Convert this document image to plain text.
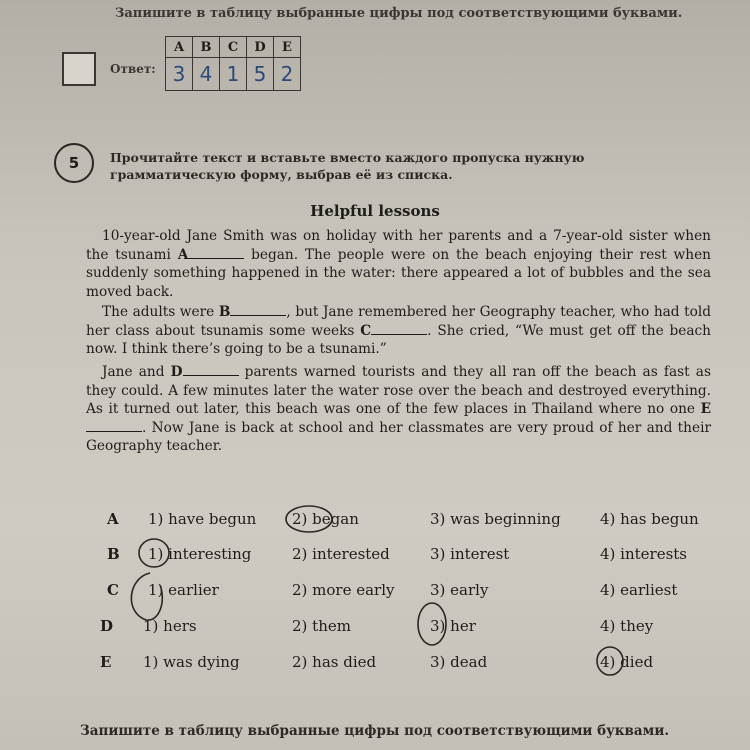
Запишите в таблицу выбранные цифры под соответствующими буквами.
Ответ:
A	B	C	D	E
3	4	1	5	2
5	Прочитайте текст и вставьте вместо каждого пропуска нужную грамматическую форму, выбрав её из списка.
Helpful lessons
10-year-old Jane Smith was on holiday with her parents and a 7-year-old sister when the tsunami A	began. The people were on the beach enjoying their rest when suddenly something happened in the water: there appeared a lot of bubbles and the sea moved back.
The adults were B	, but Jane remembered her Geography teacher, who had told her class about tsunamis some weeks C	. She cried, “We must get off the beach now. I think there’s going to be a tsunami.”
Jane and D	parents warned tourists and they all ran off the beach as fast as they could. A few minutes later the water rose over the beach and destroyed everything. As it turned out later, this beach was one of the few places in Thailand where no one E. Now Jane is back at school and her classmates are very proud of her and their Geography teacher.
A 1) have begun 2) began	3) was beginning	4) has begun
B 1) interesting	2) interested	3) interest	4) interests
C 1) earlier	2) more early 3) early	4) earliest
D 1) hers	2) them	3) her	4) they
E 1) was dying	2) has died	3) dead	4) died
Запишите в таблицу выбранные цифры под соответствующими буквами.
